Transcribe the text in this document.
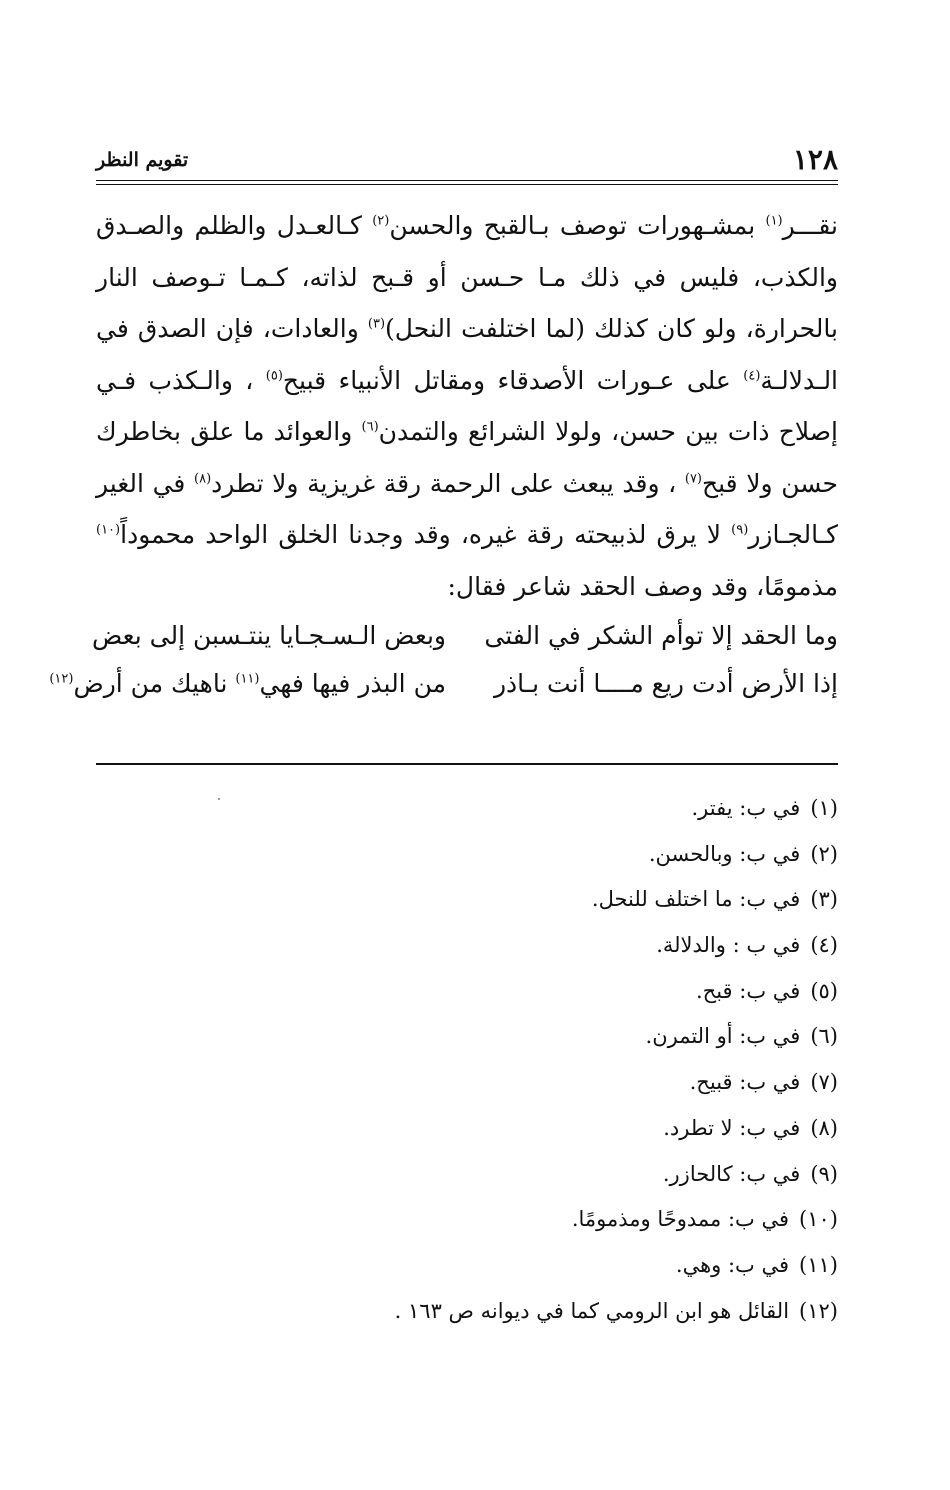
١٢٨
تقويم النظر
نقـــر$^{(١)}$ بمشـهورات توصف بـالقبح والحسن$^{(٢)}$ كـالعـدل والظلم والصـدق
والكذب، فليس في ذلك مـا حـسن أو قـبح لذاته، كـمـا تـوصف النار
بالحرارة، ولو كان كذلك (لما اختلفت النحل)$^{(٣)}$ والعادات، فإن الصدق في
الـدلالـة$^{(٤)}$ على عـورات الأصدقاء ومقاتل الأنبياء قبيح$^{(٥)}$ ، والـكذب فـي
إصلاح ذات بين حسن، ولولا الشرائع والتمدن$^{(٦)}$ والعوائد ما علق بخاطرك
حسن ولا قبح$^{(٧)}$ ، وقد يبعث على الرحمة رقة غريزية ولا تطرد$^{(٨)}$ في الغير
كـالجـازر$^{(٩)}$ لا يرق لذبيحته رقة غيره، وقد وجدنا الخلق الواحد محموداً$^{(١٠)}$
مذمومًا، وقد وصف الحقد شاعر فقال:
وما الحقد إلا توأم الشكر في الفتى
وبعض الـسـجـايا ينتـسبن إلى بعض
إذا الأرض أدت ريع مــــا أنت بـاذر
من البذر فيها فهي$^{(١١)}$ ناهيك من أرض$^{(١٢)}$
(١)في ب: يفتر.
(٢)في ب: وبالحسن.
(٣)في ب: ما اختلف للنحل.
(٤)في ب : والدلالة.
(٥)في ب: قبح.
(٦)في ب: أو التمرن.
(٧)في ب: قبيح.
(٨)في ب: لا تطرد.
(٩)في ب: كالحازر.
(١٠)في ب: ممدوحًا ومذمومًا.
(١١)في ب: وهي.
(١٢)القائل هو ابن الرومي كما في ديوانه ص ١٦٣ .
